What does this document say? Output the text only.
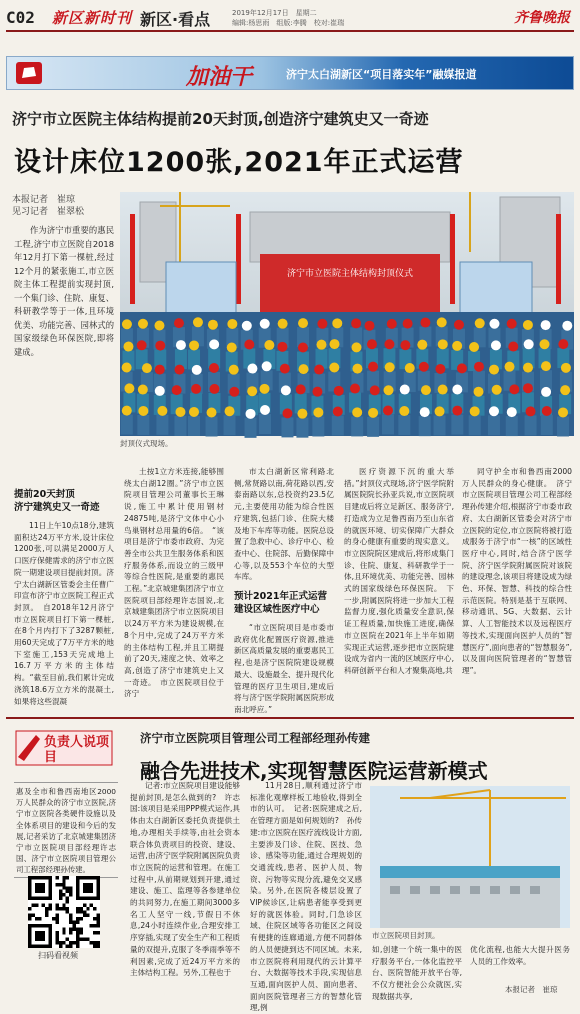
C02 新区新时刊 新区·看点	2019年12月17日　星期二
编辑:杨思雨　组版:李腾　校对:崔瑞	齐鲁晚报
加油干	济宁太白湖新区“项目落实年”融媒报道
济宁市立医院主体结构提前20天封顶,创造济宁建筑史又一奇迹
设计床位1200张,2021年正式运营
本报记者　崔琼
见习记者　崔翠松
作为济宁市重要的惠民工程,济宁市立医院自2018年12月打下第一棵桩,经过12个月的紧张施工,市立医院主体工程提前实现封顶,一个集门诊、住院、康复、科研教学等于一体,且环境优美、功能完善、园林式的国家级绿色环保医院,即将建成。
济宁市立医院主体结构封顶仪式
封顶仪式现场。
提前20天封顶
济宁建筑史又一奇迹
11日上午10点18分,建筑面积达24万平方米,设计床位1200张,可以满足2000万人口医疗保健需求的济宁市立医院一期建设项目提前封顶。济宁太白湖新区管委会主任曹广印宣布济宁市立医院工程正式封顶。　自2018年12月济宁市立医院项目打下第一棵桩,在8个月内打下了3287颗桩,用60天完成了7万平方米的地下室施工,153天完成地上16.7万平方米的主体结构。“截至目前,我们累计完成浇筑18.6万立方米的混凝土,如果将这些混凝
土按1立方米连接,能够围绕太白湖12圈。”济宁市立医院项目管理公司董事长王琳说,施工中累计使用钢材24875吨,是济宁文体中心小鸟巢钢材总用量的6倍。　“该项目是济宁市委市政府、为完善全市公共卫生服务体系和医疗服务体系,而设立的三级甲等综合性医院,是重要的惠民工程。”北京城建集团济宁市立医院项目部经理许志国说,北京城建集团济宁市立医院项目以24万平方米为建设规模,在8个月中,完成了24万平方米的主体结构工程,并且工期提前了20天,速度之快、效率之高,创造了济宁市建筑史上又一奇迹。　市立医院项目位于济宁
市太白湖新区常利路北侧,常贤路以南,荷花路以西,安泰南路以东,总投资约23.5亿元,主要使用功能为综合性医疗建筑,包括门诊、住院大楼及地下车库等功能。医院总设置了急救中心、诊疗中心、检查中心、住院部、后勤保障中心等,以及553个车位的大型车库。
预计2021年正式运营
建设区域性医疗中心
“市立医院项目是市委市政府优化配置医疗资源,推进新区高质量发展的重要惠民工程,也是济宁医院院建设规模最大、设施最全、提升现代化管理的医疗卫生项目,建成后将与济宁医学院附属医院形成南北呼应。”
医疗资源下沉的重大举措。”封顶仪式现场,济宁医学院附属医院院长孙亚兵说,市立医院项目建成后将立足新区、服务济宁,打造成为立足鲁西南乃至山东省的就医环境、切实保障广大群众的身心健康有重要的现实意义。市立医院院区建成后,将形成集门诊、住院、康复、科研教学于一体,且环境优美、功能完善、园林式的国家级绿色环保医院。　下一步,附属医院将进一步加大工程监督力度,强化质量安全意识,保证工程质量,加快施工进度,确保市立医院在2021年上半年如期实现正式运营,逐步把市立医院建设成为省内一流的区域医疗中心,科研创新平台和人才聚集高地,共
同守护全市和鲁西南2000万人民群众的身心健康。　济宁市立医院项目管理公司工程部经理孙传建介绍,根据济宁市委市政府、太白湖新区管委会对济宁市立医院的定位,市立医院将被打造成服务于济宁市“一核”的区域性医疗中心,同时,结合济宁医学院、济宁医学院附属医院对该院的建设理念,该项目将建设成为绿色、环保、智慧、科技的综合性示范医院。特别是基于互联网、移动通讯、5G、大数据、云计算、人工智能技术以及远程医疗等技术,实现面向医护人员的“智慧医疗”,面向患者的“智慧服务”,以及面向医院管理者的“智慧管理”。
负责人说项目
济宁市立医院项目管理公司工程部经理孙传建
融合先进技术,实现智慧医院运营新模式
惠及全市和鲁西南地区2000万人民群众的济宁市立医院,济宁市立医院各类硬件设施以及全体系项目的建设和今后的发展,记者采访了北京城建集团济宁市立医院项目部经理许志国、济宁市立医院项目管理公司工程部经理孙传建。
扫码看视频
记者:市立医院项目建设能够提前封顶,是怎么做到的?　许志国:该项目是采用PPP模式运作,具体由太白湖新区委托负责提供土地,办理相关手续等,由社会资本联合体负责项目的投资、建设、运营,由济宁医学院附属医院负责市立医院的运营和管理。在施工过程中,从前期规划到开建,通过建设、施工、监理等各参建单位的共同努力,在施工期间3000多名工人坚守一线,节假日不休息,24小时连续作业,合理安排工序穿插,实现了安全生产和工程质量的双提升,克服了冬季雨季等不利因素,完成了近24万平方米的主体结构工程。另外,工程也于
11月28日,顺利通过济宁市标准化观摩样板工地验收,得到全市的认可。　记者:医院建成之后,在管理方面是如何规划的?　孙传建:市立医院在医疗流线设计方面,主要涉及门诊、住院、医技、急诊、感染等功能,通过合理规划的交通流线,患者、医护人员、物资、污物等实现分流,避免交叉感染。另外,在医院各楼层设置了VIP候诊区,让病患者能享受到更好的就医体验。同时,门急诊区域、住院区域等各功能区之间设有便捷的连廊通道,方便不同群体的人员便捷到达不同区域。未来,市立医院将利用现代的云计算平台、大数据等技术手段,实现信息互通,面向医护人员、面向患者、面向医院管理者三方的智慧化管理,例
市立医院项目封顶。
如,创建一个统一集中的医疗服务平台,一体化监控平台、医院智能开放平台等,不仅方便社会公众就医,实现数据共享,
优化流程,也能大大提升医务人员的工作效率。
本报记者　崔琼
